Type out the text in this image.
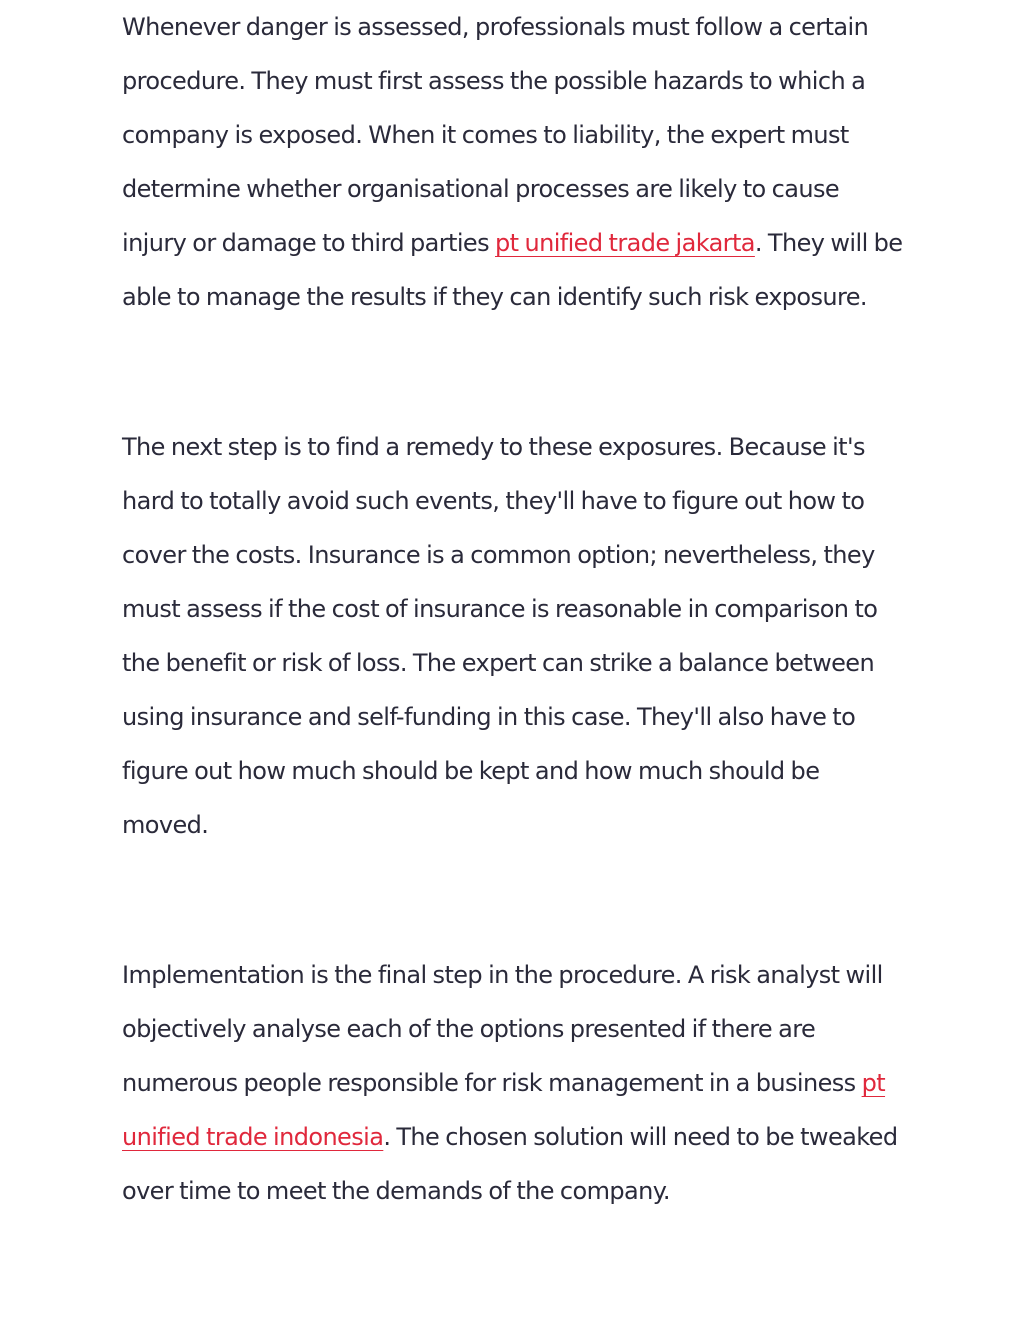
Whenever danger is assessed, professionals must follow a certain procedure. They must first assess the possible hazards to which a company is exposed. When it comes to liability, the expert must determine whether organisational processes are likely to cause injury or damage to third parties pt unified trade jakarta. They will be able to manage the results if they can identify such risk exposure.

The next step is to find a remedy to these exposures. Because it's hard to totally avoid such events, they'll have to figure out how to cover the costs. Insurance is a common option; nevertheless, they must assess if the cost of insurance is reasonable in comparison to the benefit or risk of loss. The expert can strike a balance between using insurance and self-funding in this case. They'll also have to figure out how much should be kept and how much should be moved.

Implementation is the final step in the procedure. A risk analyst will objectively analyse each of the options presented if there are numerous people responsible for risk management in a business pt unified trade indonesia. The chosen solution will need to be tweaked over time to meet the demands of the company.
